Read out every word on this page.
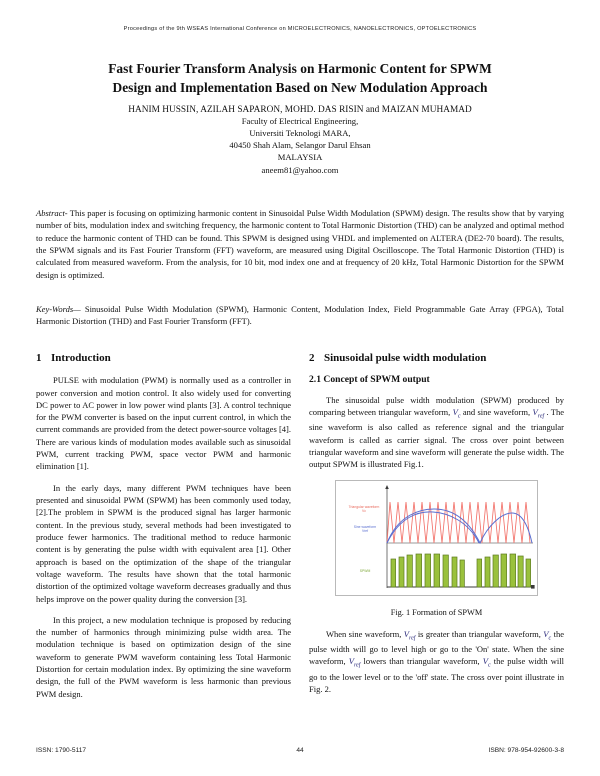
Proceedings of the 9th WSEAS International Conference on MICROELECTRONICS, NANOELECTRONICS, OPTOELECTRONICS
Fast Fourier Transform Analysis on Harmonic Content for SPWM
Design and Implementation Based on New Modulation Approach
HANIM HUSSIN, AZILAH SAPARON, MOHD. DAS RISIN and MAIZAN MUHAMAD
Faculty of Electrical Engineering,
Universiti Teknologi MARA,
40450 Shah Alam, Selangor Darul Ehsan
MALAYSIA
aneem81@yahoo.com
Abstract- This paper is focusing on optimizing harmonic content in Sinusoidal Pulse Width Modulation (SPWM) design. The results show that by varying number of bits, modulation index and switching frequency, the harmonic content to Total Harmonic Distortion (THD) can be analyzed and optimal method to reduce the harmonic content of THD can be found. This SPWM is designed using VHDL and implemented on ALTERA (DE2-70 board). The results, the SPWM signals and its Fast Fourier Transform (FFT) waveform, are measured using Digital Oscilloscope. The Total Harmonic Distortion (THD) is calculated from measured waveform. From the analysis, for 10 bit, mod index one and at frequency of 20 kHz, Total Harmonic Distortion for the SPWM design is optimized.
Key-Words— Sinusoidal Pulse Width Modulation (SPWM), Harmonic Content, Modulation Index, Field Programmable Gate Array (FPGA), Total Harmonic Distortion (THD) and Fast Fourier Transform (FFT).
1 Introduction

PULSE with modulation (PWM) is normally used as a controller in power conversion and motion control. It also widely used for converting DC power to AC power in low power wind plants [3]. A control technique for the PWM converter is based on the input current control, in which the current commands are provided from the detect power-source voltages [4]. There are various kinds of modulation modes available such as sinusoidal PWM, current tracking PWM, space vector PWM and harmonic elimination [1].

In the early days, many different PWM techniques have been presented and sinusoidal PWM (SPWM) has been commonly used today, [2].The problem in SPWM is the produced signal has larger harmonic content. In the previous study, several methods had been investigated to produce fewer harmonics. The traditional method to reduce harmonic content is by generating the pulse width with equivalent area [1]. Other approach is based on the optimization of the shape of the triangular voltage waveform. The results have shown that the total harmonic distortion of the optimized voltage waveform decreases gradually and thus helps improve on the power quality during the conversion [3].

In this project, a new modulation technique is proposed by reducing the number of harmonics through minimizing pulse width area. The modulation technique is based on optimization design of the sine waveform to generate PWM waveform containing less Total Harmonic Distortion for certain modulation index. By optimizing the sine waveform design, the full of the PWM waveform is less harmonic than previous PWM design.

2 Sinusoidal pulse width modulation
2.1 Concept of SPWM output

The sinusoidal pulse width modulation (SPWM) produced by comparing between triangular waveform, $V_c$ and sine waveform, $V_{ref}$ . The sine waveform is also called as reference signal and the triangular waveform is called as carrier signal. The cross over point between triangular waveform and sine waveform will generate the pulse width. The output SPWM is illustrated Fig.1.

Triangular waveform
Vc
Sine waveform
Vref
SPWM
Fig. 1 Formation of SPWM

When sine waveform, $V_{ref}$ is greater than triangular waveform, $V_c$ the pulse width will go to level high or go to the 'On' state. When the sine waveform, $V_{ref}$ lowers than triangular waveform, $V_c$ the pulse width will go to the lower level or to the 'off' state. The cross over point illustrate in Fig. 2.

ISSN: 1790-5117	44	ISBN: 978-954-92600-3-8
